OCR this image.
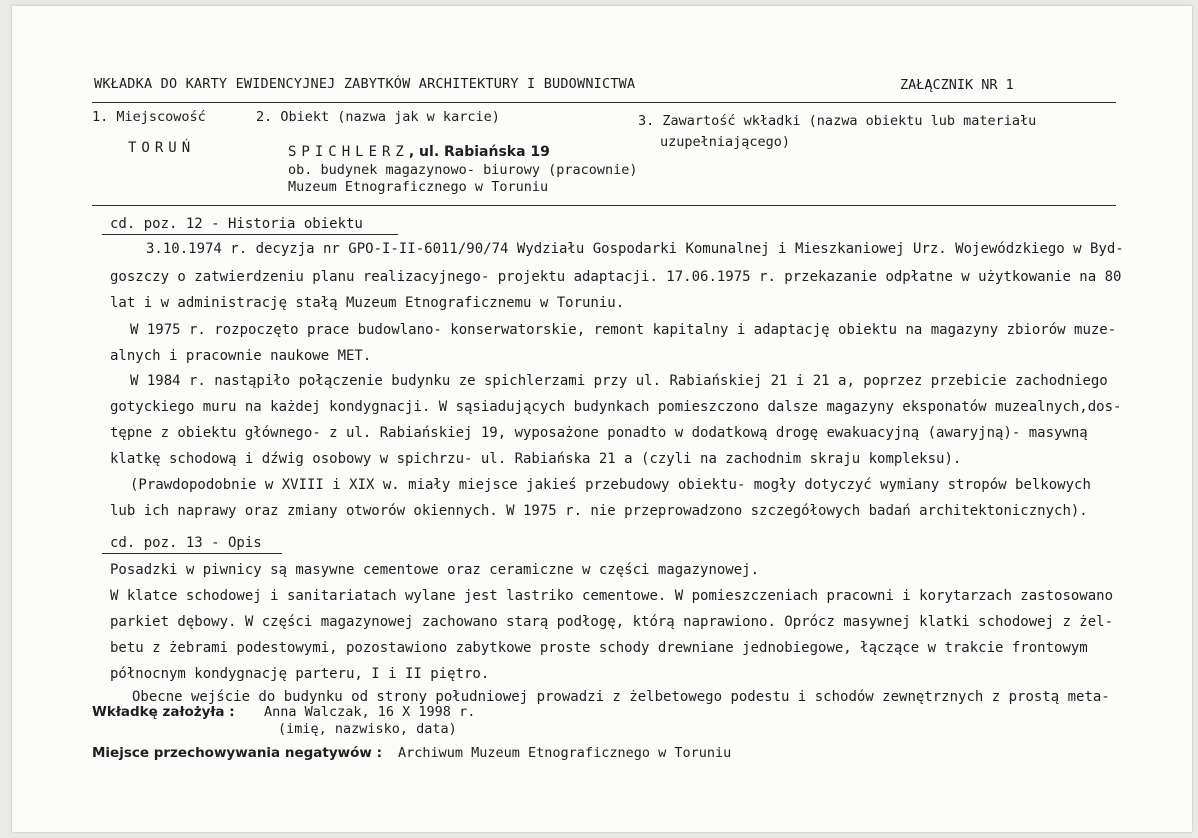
WKŁADKA DO KARTY EWIDENCYJNEJ ZABYTKÓW ARCHITEKTURY I BUDOWNICTWA	ZAŁĄCZNIK NR 1
1. Miejscowość	2. Obiekt (nazwa jak w karcie)	3. Zawartość wkładki (nazwa obiektu lub materiału
uzupełniającego)
TORUŃ	SPICHLERZ, ul. Rabiańska 19
ob. budynek magazynowo- biurowy (pracownie)
Muzeum Etnograficznego w Toruniu
cd. poz. 12 - Historia obiektu
3.10.1974 r. decyzja nr GPO-I-II-6011/90/74 Wydziału Gospodarki Komunalnej i Mieszkaniowej Urz. Wojewódzkiego w Byd-
goszczy o zatwierdzeniu planu realizacyjnego- projektu adaptacji. 17.06.1975 r. przekazanie odpłatne w użytkowanie na 80
lat i w administrację stałą Muzeum Etnograficznemu w Toruniu.
W 1975 r. rozpoczęto prace budowlano- konserwatorskie, remont kapitalny i adaptację obiektu na magazyny zbiorów muze-
alnych i pracownie naukowe MET.
W 1984 r. nastąpiło połączenie budynku ze spichlerzami przy ul. Rabiańskiej 21 i 21 a, poprzez przebicie zachodniego
gotyckiego muru na każdej kondygnacji. W sąsiadujących budynkach pomieszczono dalsze magazyny eksponatów muzealnych,dos-
tępne z obiektu głównego- z ul. Rabiańskiej 19, wyposażone ponadto w dodatkową drogę ewakuacyjną (awaryjną)- masywną
klatkę schodową i dźwig osobowy w spichrzu- ul. Rabiańska 21 a (czyli na zachodnim skraju kompleksu).
(Prawdopodobnie w XVIII i XIX w. miały miejsce jakieś przebudowy obiektu- mogły dotyczyć wymiany stropów belkowych
lub ich naprawy oraz zmiany otworów okiennych. W 1975 r. nie przeprowadzono szczegółowych badań architektonicznych).
cd. poz. 13 - Opis
Posadzki w piwnicy są masywne cementowe oraz ceramiczne w części magazynowej.
W klatce schodowej i sanitariatach wylane jest lastriko cementowe. W pomieszczeniach pracowni i korytarzach zastosowano
parkiet dębowy. W części magazynowej zachowano starą podłogę, którą naprawiono. Oprócz masywnej klatki schodowej z żel-
betu z żebrami podestowymi, pozostawiono zabytkowe proste schody drewniane jednobiegowe, łączące w trakcie frontowym
północnym kondygnację parteru, I i II piętro.
Obecne wejście do budynku od strony południowej prowadzi z żelbetowego podestu i schodów zewnętrznych z prostą meta-
Wkładkę założyła : Anna Walczak, 16 X 1998 r.
(imię, nazwisko, data)
Miejsce przechowywania negatywów : Archiwum Muzeum Etnograficznego w Toruniu
